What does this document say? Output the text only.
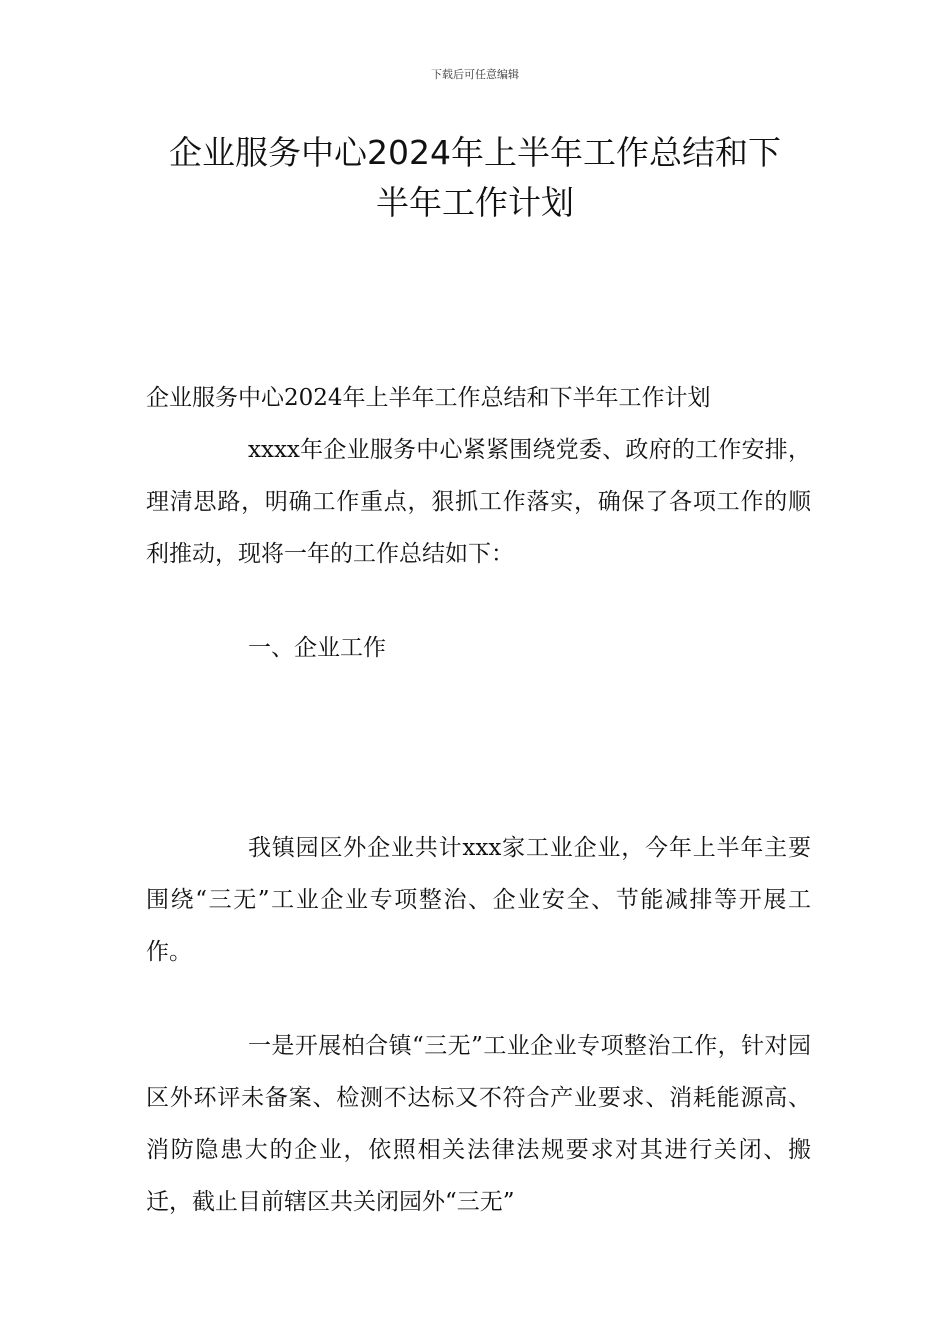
下载后可任意编辑
企业服务中心2024年上半年工作总结和下
半年工作计划
企业服务中心2024年上半年工作总结和下半年工作计划

xxxx年企业服务中心紧紧围绕党委、政府的工作安排，理清思路，明确工作重点，狠抓工作落实，确保了各项工作的顺利推动，现将一年的工作总结如下：

一、企业工作

我镇园区外企业共计xxx家工业企业，今年上半年主要围绕“三无”工业企业专项整治、企业安全、节能减排等开展工作。

一是开展柏合镇“三无”工业企业专项整治工作，针对园区外环评未备案、检测不达标又不符合产业要求、消耗能源高、消防隐患大的企业，依照相关法律法规要求对其进行关闭、搬迁，截止目前辖区共关闭园外“三无”
